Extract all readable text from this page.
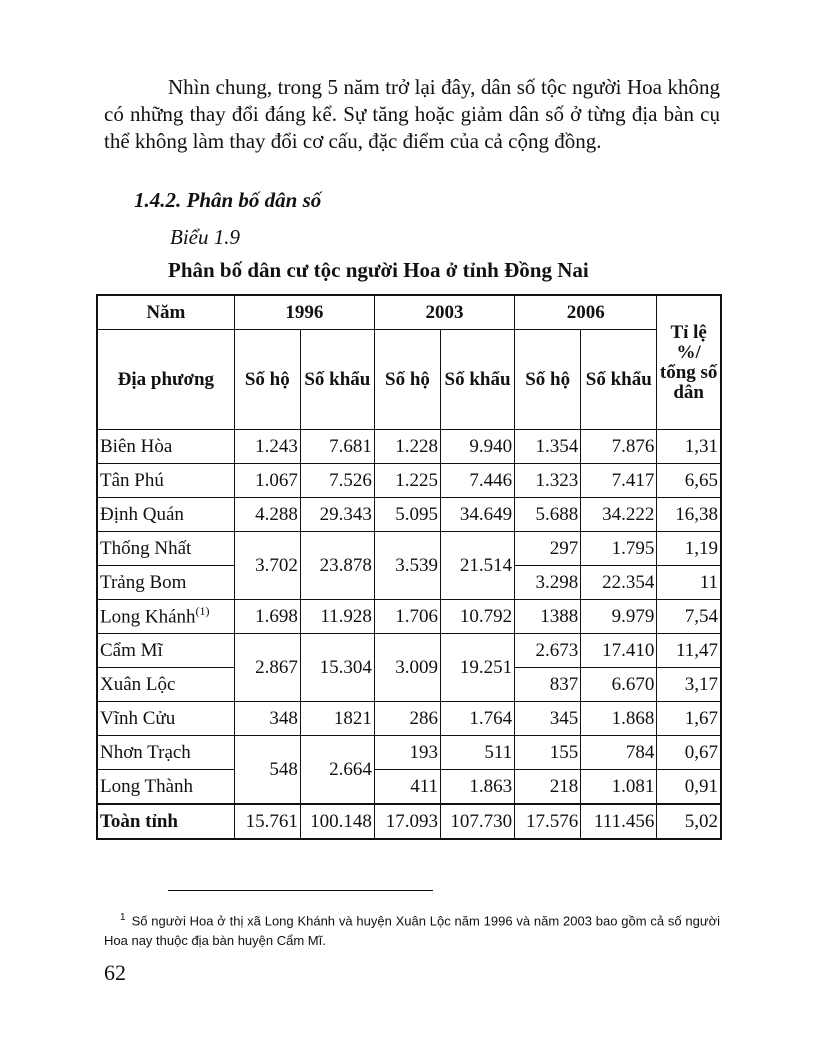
Nhìn chung, trong 5 năm trở lại đây, dân số tộc người Hoa không có những thay đổi đáng kể. Sự tăng hoặc giảm dân số ở từng địa bàn cụ thể không làm thay đổi cơ cấu, đặc điểm của cả cộng đồng.

1.4.2. Phân bố dân số

Biểu 1.9

Phân bố dân cư tộc người Hoa ở tỉnh Đồng Nai

Năm	1996		2003		2006		Tỉ lệ %/ tổng số dân
Địa phương	Số hộ	Số khẩu	Số hộ	Số khẩu	Số hộ	Số khẩu	
Biên Hòa	1.243	7.681	1.228	9.940	1.354	7.876	1,31
Tân Phú	1.067	7.526	1.225	7.446	1.323	7.417	6,65
Định Quán	4.288	29.343	5.095	34.649	5.688	34.222	16,38
Thống Nhất	3.702	23.878	3.539	21.514	297	1.795	1,19
Trảng Bom					3.298	22.354	11
Long Khánh$^{(1)}$	1.698	11.928	1.706	10.792	1388	9.979	7,54
Cẩm Mĩ	2.867	15.304	3.009	19.251	2.673	17.410	11,47
Xuân Lộc					837	6.670	3,17
Vĩnh Cửu	348	1821	286	1.764	345	1.868	1,67
Nhơn Trạch	548	2.664	193	511	155	784	0,67
Long Thành			411	1.863	218	1.081	0,91
Toàn tỉnh	15.761	100.148	17.093	107.730	17.576	111.456	5,02

$^1$ Số người Hoa ở thị xã Long Khánh và huyện Xuân Lộc năm 1996 và năm 2003 bao gồm cả số người Hoa nay thuộc địa bàn huyện Cẩm Mĩ.

62
